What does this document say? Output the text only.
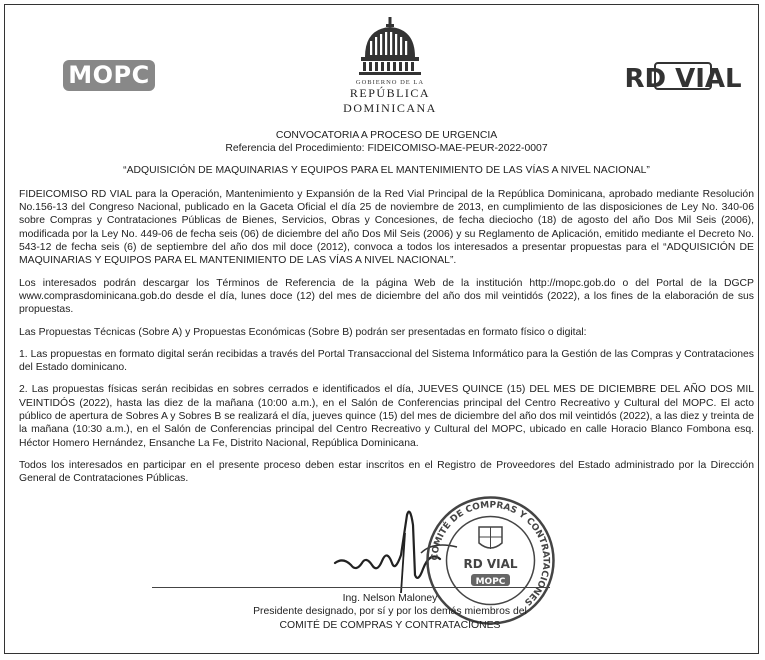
MOPC	GOBIERNO DE LA
REPÚBLICA DOMINICANA
RD VIAL
CONVOCATORIA A PROCESO DE URGENCIA
Referencia del Procedimiento: FIDEICOMISO-MAE-PEUR-2022-0007
“ADQUISICIÓN DE MAQUINARIAS Y EQUIPOS PARA EL MANTENIMIENTO DE LAS VÍAS A NIVEL NACIONAL”

FIDEICOMISO RD VIAL para la Operación, Mantenimiento y Expansión de la Red Vial Principal de la República Dominicana, aprobado mediante Resolución No.156-13 del Congreso Nacional, publicado en la Gaceta Oficial el día 25 de noviembre de 2013, en cumplimiento de las disposiciones de Ley No. 340-06 sobre Compras y Contrataciones Públicas de Bienes, Servicios, Obras y Concesiones, de fecha dieciocho (18) de agosto del año Dos Mil Seis (2006), modificada por la Ley No. 449-06 de fecha seis (06) de diciembre del año Dos Mil Seis (2006) y su Reglamento de Aplicación, emitido mediante el Decreto No. 543-12 de fecha seis (6) de septiembre del año dos mil doce (2012), convoca a todos los interesados a presentar propuestas para el “ADQUISICIÓN DE MAQUINARIAS Y EQUIPOS PARA EL MANTENIMIENTO DE LAS VÍAS A NIVEL NACIONAL”.

Los interesados podrán descargar los Términos de Referencia de la página Web de la institución http://mopc.gob.do o del Portal de la DGCP www.comprasdominicana.gob.do desde el día, lunes doce (12) del mes de diciembre del año dos mil veintidós (2022), a los fines de la elaboración de sus propuestas.

Las Propuestas Técnicas (Sobre A) y Propuestas Económicas (Sobre B) podrán ser presentadas en formato físico o digital:

1. Las propuestas en formato digital serán recibidas a través del Portal Transaccional del Sistema Informático para la Gestión de las Compras y Contrataciones del Estado dominicano.

2. Las propuestas físicas serán recibidas en sobres cerrados e identificados el día, JUEVES QUINCE (15) DEL MES DE DICIEMBRE DEL AÑO DOS MIL VEINTIDÓS (2022), hasta las diez de la mañana (10:00 a.m.), en el Salón de Conferencias principal del Centro Recreativo y Cultural del MOPC. El acto público de apertura de Sobres A y Sobres B se realizará el día, jueves quince (15) del mes de diciembre del año dos mil veintidós (2022), a las diez y treinta de la mañana (10:30 a.m.), en el Salón de Conferencias principal del Centro Recreativo y Cultural del MOPC, ubicado en calle Horacio Blanco Fombona esq. Héctor Homero Hernández, Ensanche La Fe, Distrito Nacional, República Dominicana.

Todos los interesados en participar en el presente proceso deben estar inscritos en el Registro de Proveedores del Estado administrado por la Dirección General de Contrataciones Públicas.

COMITÉ DE COMPRAS Y CONTRATACIONES
RD VIAL
MOPC
Ing. Nelson Maloney
Presidente designado, por sí y por los demás miembros del
COMITÉ DE COMPRAS Y CONTRATACIONES
